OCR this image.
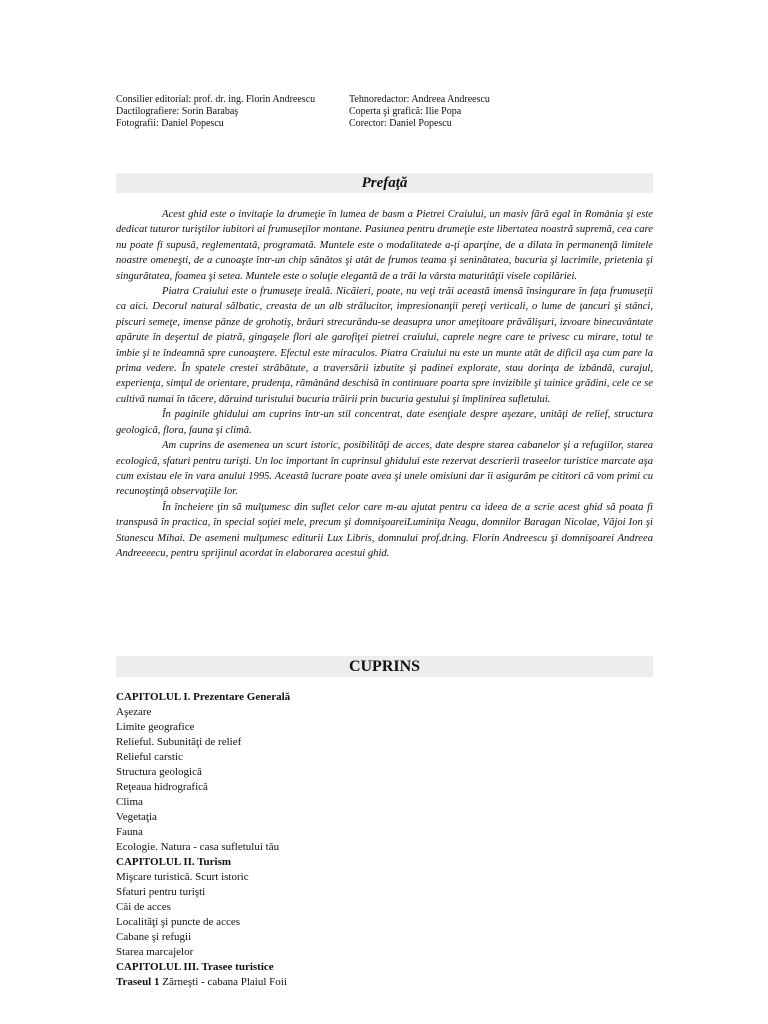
Consilier editorial: prof. dr. ing. Florin Andreescu
Dactilografiere: Sorin Barabaş
Fotografii: Daniel Popescu
Tehnoredactor: Andreea Andreescu
Coperta şi grafică: Ilie Popa
Corector: Daniel Popescu
Prefaţă

Acest ghid este o invitaţie la drumeţie în lumea de basm a Pietrei Craiului, un masiv fără egal în România şi este dedicat tuturor turiştilor iubitori ai frumuseţilor montane. Pasiunea pentru drumeţie este libertatea noastră supremă, cea care nu poate fi supusă, reglementată, programată. Muntele este o modalitatede a-ţi aparţine, de a dilata în permanenţă limitele noastre omeneşti, de a cunoaşte într-un chip sănătos şi atât de frumos teama şi seninătatea, bucuria şi lacrimile, prietenia şi singurătatea, foamea şi setea. Muntele este o soluţie elegantă de a trăi la vârsta maturităţii visele copilăriei.

Piatra Craiului este o frumuseţe ireală. Nicăieri, poate, nu veţi trăi această imensă însingurare în faţa frumuseţii ca aici. Decorul natural sălbatic, creasta de un alb strălucitor, impresionanţii pereţi verticali, o lume de ţancuri şi stânci, piscuri semeţe, imense pânze de grohotiş, brâuri strecurându-se deasupra unor ameţitoare prăvălişuri, izvoare binecuvântate apărute în deşertul de piatră, gingaşele flori ale garofiţei pietrei craiului, caprele negre care te privesc cu mirare, totul te îmbie şi te îndeamnă spre cunoaştere. Efectul este miraculos. Piatra Craiului nu este un munte atât de dificil aşa cum pare la prima vedere. În spatele crestei străbătute, a traversării izbutite şi padinei explorate, stau dorinţa de izbândă, curajul, experienţa, simţul de orientare, prudenţa, rămânând deschisă în continuare poarta spre invizibile şi tainice grădini, cele ce se cultivă numai în tăcere, dăruind turistului bucuria trăirii prin bucuria gestului şi împlinirea sufletului.

În paginile ghidului am cuprins într-un stil concentrat, date esenţiale despre aşezare, unităţi de relief, structura geologică, flora, fauna şi climă.

Am cuprins de asemenea un scurt istoric, posibilităţi de acces, date despre starea cabanelor şi a refugiilor, starea ecologică, sfaturi pentru turişti. Un loc important în cuprinsul ghidului este rezervat descrierii traseelor turistice marcate aşa cum existau ele în vara anului 1995. Această lucrare poate avea şi unele omisiuni dar îi asigurăm pe cititori că vom primi cu recunoştinţă observaţiile lor.

În încheiere ţin să mulţumesc din suflet celor care m-au ajutat pentru ca ideea de a scrie acest ghid să poata fi transpusă în practica, în special soţiei mele, precum şi domnişoareiLuminiţa Neagu, domnilor Baragan Nicolae, Văjoi Ion şi Stanescu Mihai. De asemeni mulţumesc editurii Lux Libris, domnului prof.dr.ing. Florin Andreescu şi domnişoarei Andreea Andreeeecu, pentru sprijinul acordat în elaborarea acestui ghid.

CUPRINS
CAPITOLUL I. Prezentare Generală
Aşezare
Limite geografice
Relieful. Subunităţi de relief
Relieful carstic
Structura geologică
Reţeaua hidrografică
Clima
Vegetaţia
Fauna
Ecologie. Natura - casa sufletului tău
CAPITOLUL II. Turism
Mişcare turistică. Scurt istoric
Sfaturi pentru turişti
Căi de acces
Localităţi şi puncte de acces
Cabane şi refugii
Starea marcajelor
CAPITOLUL III. Trasee turistice
Traseul 1 Zărneşti - cabana Plaiul Foii
